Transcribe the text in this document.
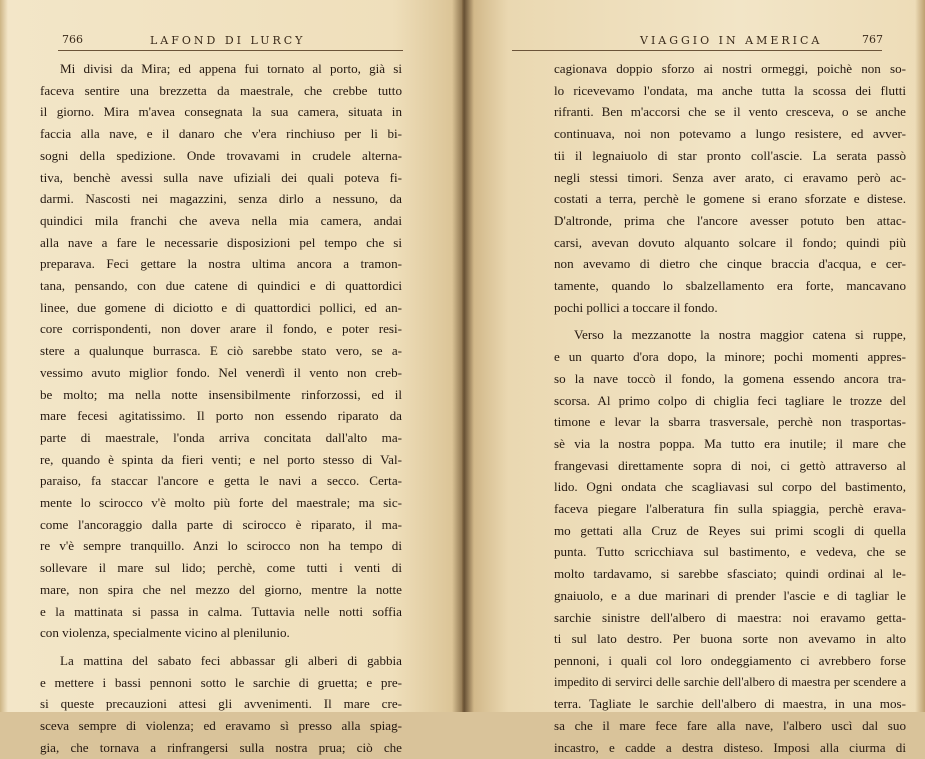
766	LAFOND DI LURCY
Mi divisi da Mira; ed appena fui tornato al porto, già si
faceva sentire una brezzetta da maestrale, che crebbe tutto
il giorno. Mira m'avea consegnata la sua camera, situata in
faccia alla nave, e il danaro che v'era rinchiuso per li bi-
sogni della spedizione. Onde trovavami in crudele alterna-
tiva, benchè avessi sulla nave ufiziali dei quali poteva fi-
darmi. Nascosti nei magazzini, senza dirlo a nessuno, da
quindici mila franchi che aveva nella mia camera, andai
alla nave a fare le necessarie disposizioni pel tempo che si
preparava. Feci gettare la nostra ultima ancora a tramon-
tana, pensando, con due catene di quindici e di quattordici
linee, due gomene di diciotto e di quattordici pollici, ed an-
core corrispondenti, non dover arare il fondo, e poter resi-
stere a qualunque burrasca. E ciò sarebbe stato vero, se a-
vessimo avuto miglior fondo. Nel venerdì il vento non creb-
be molto; ma nella notte insensibilmente rinforzossi, ed il
mare fecesi agitatissimo. Il porto non essendo riparato da
parte di maestrale, l'onda arriva concitata dall'alto ma-
re, quando è spinta da fieri venti; e nel porto stesso di Val-
paraiso, fa staccar l'ancore e getta le navi a secco. Certa-
mente lo scirocco v'è molto più forte del maestrale; ma sic-
come l'ancoraggio dalla parte di scirocco è riparato, il ma-
re v'è sempre tranquillo. Anzi lo scirocco non ha tempo di
sollevare il mare sul lido; perchè, come tutti i venti di
mare, non spira che nel mezzo del giorno, mentre la notte
e la mattinata si passa in calma. Tuttavia nelle notti soffia
con violenza, specialmente vicino al plenilunio.
La mattina del sabato feci abbassar gli alberi di gabbia
e mettere i bassi pennoni sotto le sarchie di gruetta; e pre-
si queste precauzioni attesi gli avvenimenti. Il mare cre-
sceva sempre di violenza; ed eravamo sì presso alla spiag-
gia, che tornava a rinfrangersi sulla nostra prua; ciò che
VIAGGIO IN AMERICA	767
cagionava doppio sforzo ai nostri ormeggi, poichè non so-
lo ricevevamo l'ondata, ma anche tutta la scossa dei flutti
rifranti. Ben m'accorsi che se il vento cresceva, o se anche
continuava, noi non potevamo a lungo resistere, ed avver-
tii il legnaiuolo di star pronto coll'ascie. La serata passò
negli stessi timori. Senza aver arato, ci eravamo però ac-
costati a terra, perchè le gomene si erano sforzate e distese.
D'altronde, prima che l'ancore avesser potuto ben attac-
carsi, avevan dovuto alquanto solcare il fondo; quindi più
non avevamo di dietro che cinque braccia d'acqua, e cer-
tamente, quando lo sbalzellamento era forte, mancavano
pochi pollici a toccare il fondo.
Verso la mezzanotte la nostra maggior catena si ruppe,
e un quarto d'ora dopo, la minore; pochi momenti appres-
so la nave toccò il fondo, la gomena essendo ancora tra-
scorsa. Al primo colpo di chiglia feci tagliare le trozze del
timone e levar la sbarra trasversale, perchè non trasportas-
sè via la nostra poppa. Ma tutto era inutile; il mare che
frangevasi direttamente sopra di noi, ci gettò attraverso al
lido. Ogni ondata che scagliavasi sul corpo del bastimento,
faceva piegare l'alberatura fin sulla spiaggia, perchè erava-
mo gettati alla Cruz de Reyes sui primi scogli di quella
punta. Tutto scricchiava sul bastimento, e vedeva, che se
molto tardavamo, si sarebbe sfasciato; quindi ordinai al le-
gnaiuolo, e a due marinari di prender l'ascie e di tagliar le
sarchie sinistre dell'albero di maestra: noi eravamo getta-
ti sul lato destro. Per buona sorte non avevamo in alto
pennoni, i quali col loro ondeggiamento ci avrebbero forse
impedito di servirci delle sarchie dell'albero di maestra per scendere a
terra. Tagliate le sarchie dell'albero di maestra, in una mos-
sa che il mare fece fare alla nave, l'albero uscì dal suo
incastro, e cadde a destra disteso. Imposi alla ciurma di
